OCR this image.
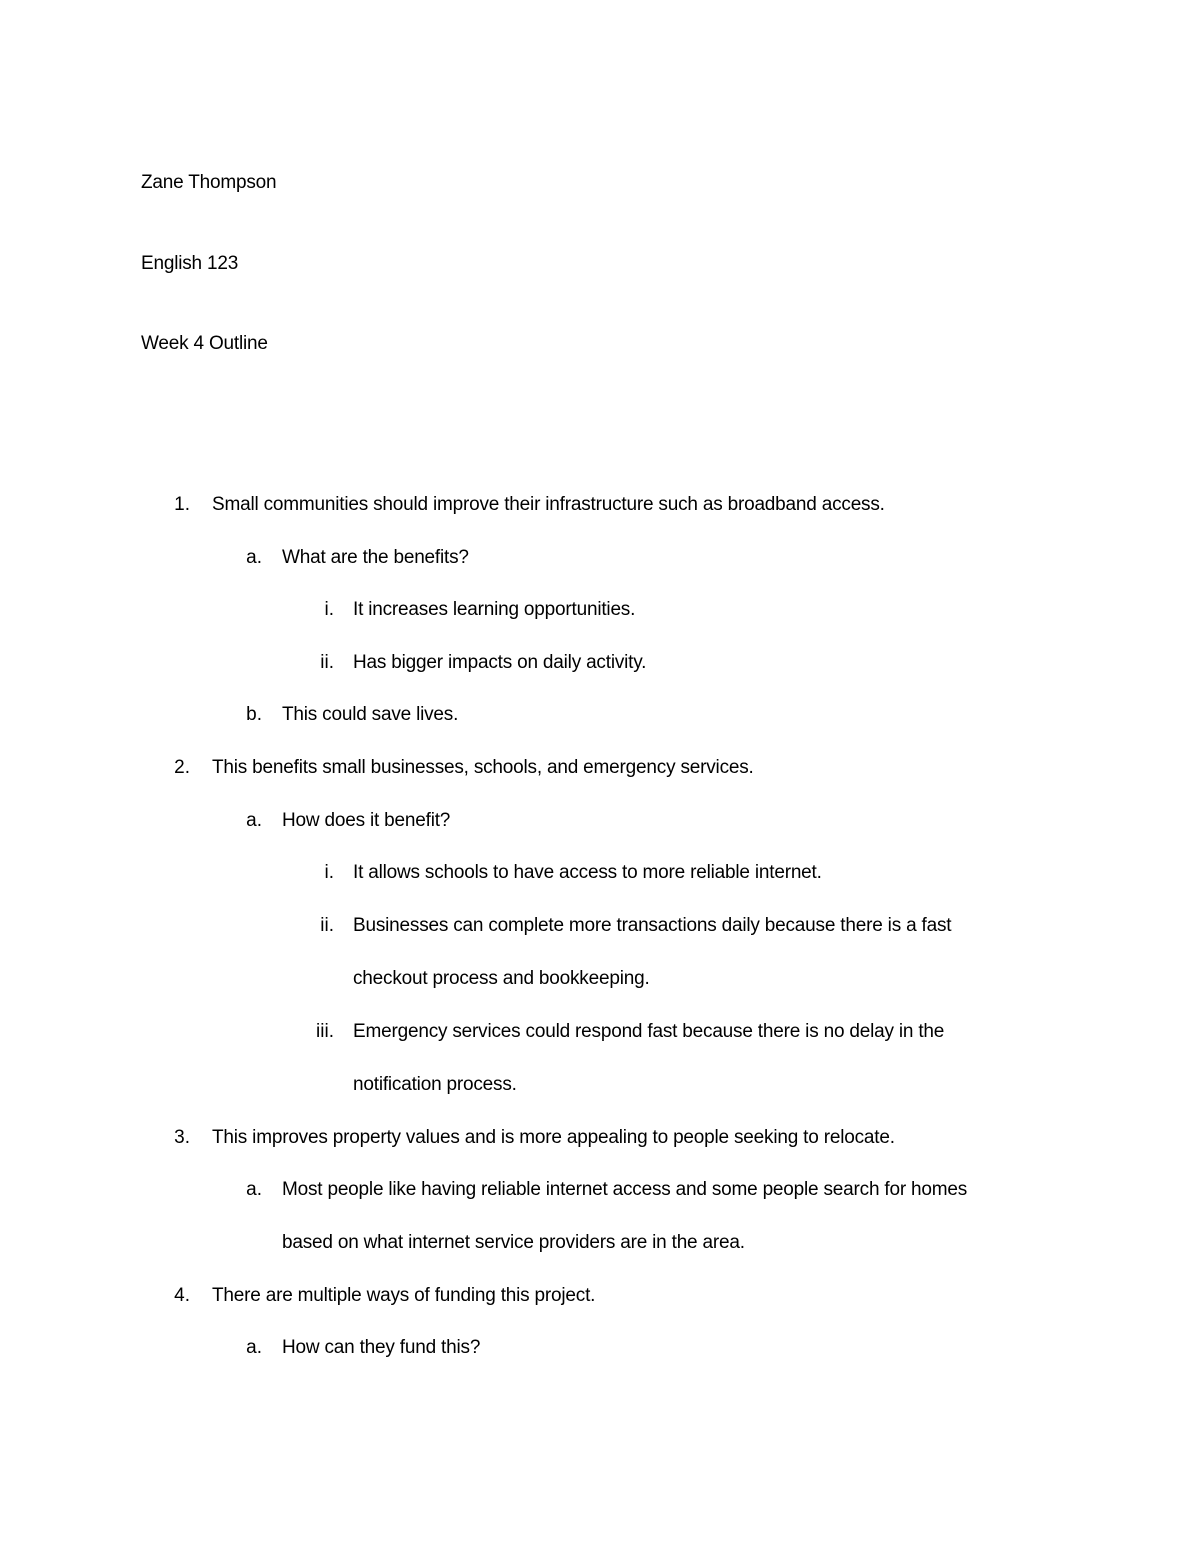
Zane Thompson
English 123
Week 4 Outline
1. Small communities should improve their infrastructure such as broadband access.
a. What are the benefits?
i. It increases learning opportunities.
ii. Has bigger impacts on daily activity.
b. This could save lives.
2. This benefits small businesses, schools, and emergency services.
a. How does it benefit?
i. It allows schools to have access to more reliable internet.
ii. Businesses can complete more transactions daily because there is a fast
checkout process and bookkeeping.
iii. Emergency services could respond fast because there is no delay in the
notification process.
3. This improves property values and is more appealing to people seeking to relocate.
a. Most people like having reliable internet access and some people search for homes
based on what internet service providers are in the area.
4. There are multiple ways of funding this project.
a. How can they fund this?
